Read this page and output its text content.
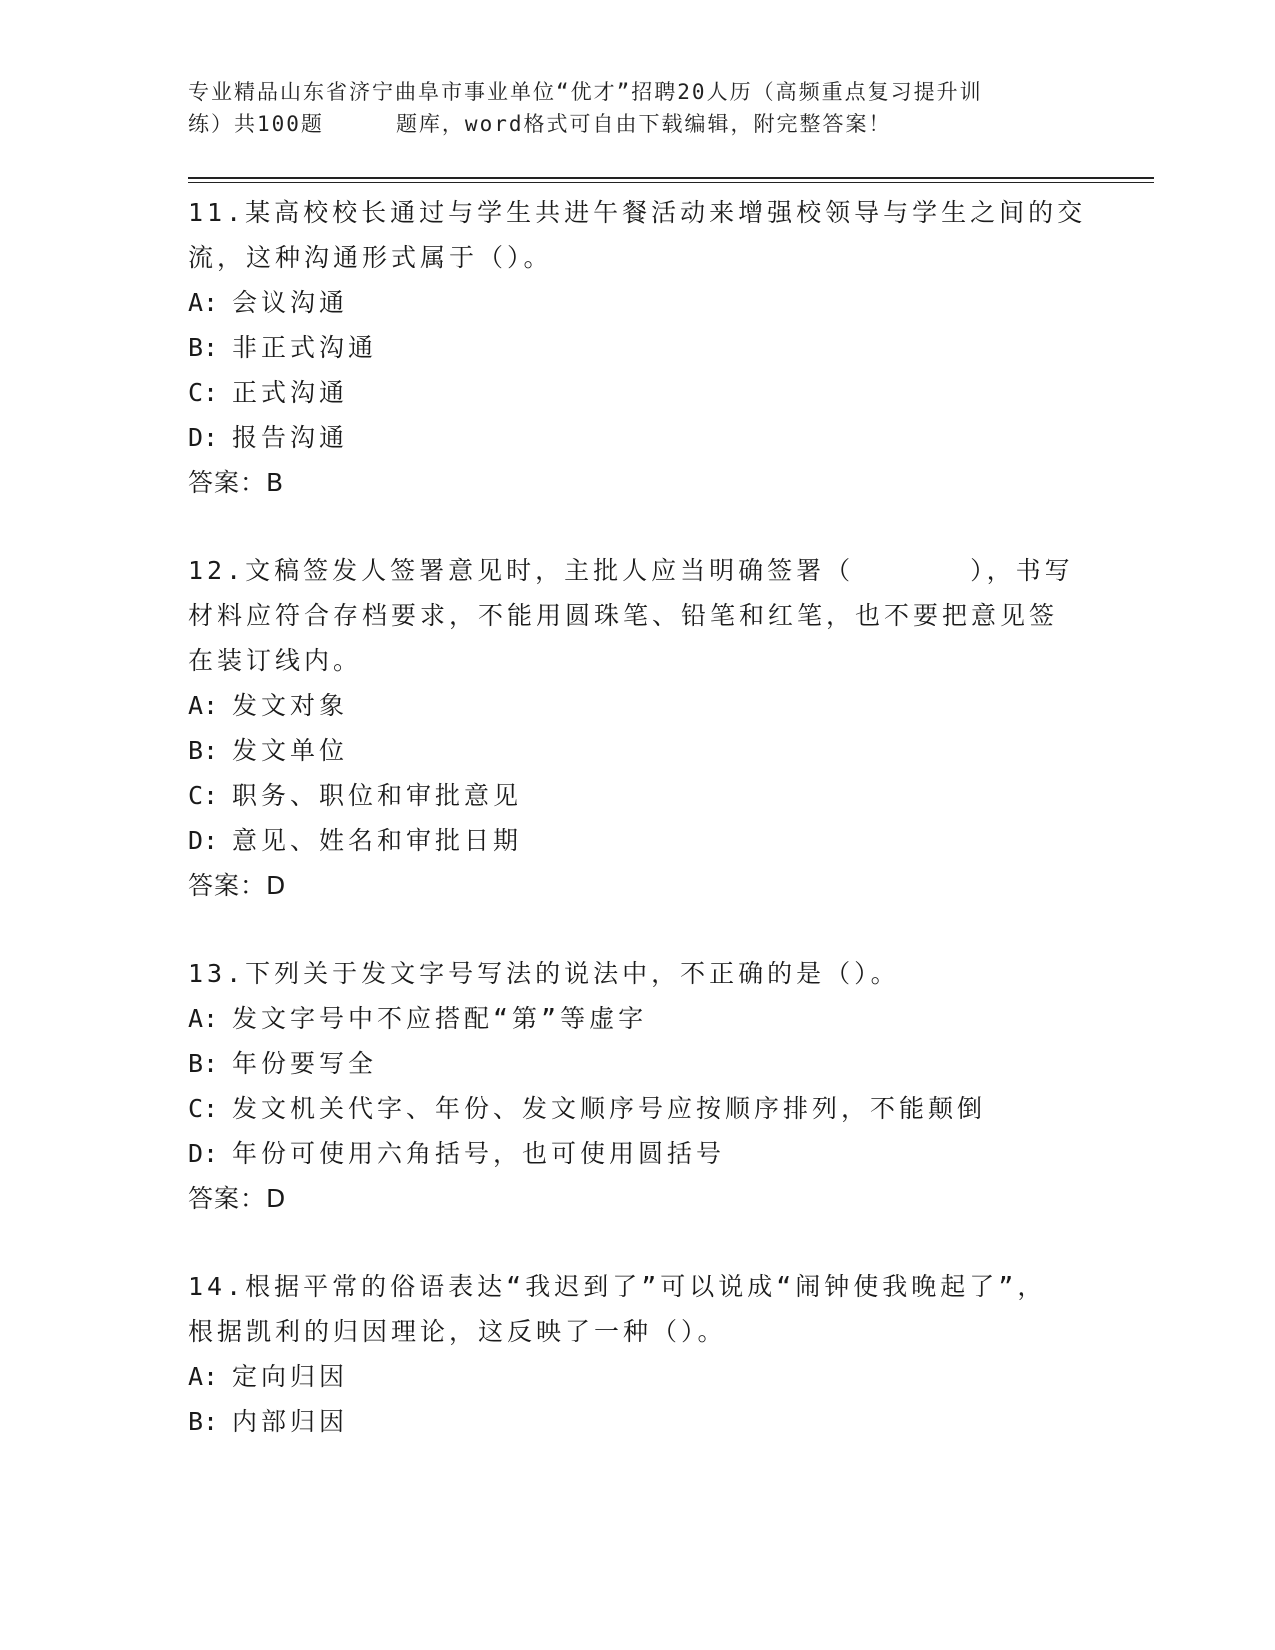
专业精品山东省济宁曲阜市事业单位“优才”招聘20人历（高频重点复习提升训
练）共100题	题库，word格式可自由下载编辑，附完整答案！

11.某高校校长通过与学生共进午餐活动来增强校领导与学生之间的交

流，这种沟通形式属于（）。

A: 会议沟通

B: 非正式沟通

C: 正式沟通

D: 报告沟通

答案：B

12.文稿签发人签署意见时，主批人应当明确签署（　　　　），书写

材料应符合存档要求，不能用圆珠笔、铅笔和红笔，也不要把意见签

在装订线内。

A: 发文对象

B: 发文单位

C: 职务、职位和审批意见

D: 意见、姓名和审批日期

答案：D

13.下列关于发文字号写法的说法中，不正确的是（）。

A: 发文字号中不应搭配“第”等虚字

B: 年份要写全

C: 发文机关代字、年份、发文顺序号应按顺序排列，不能颠倒

D: 年份可使用六角括号，也可使用圆括号

答案：D

14.根据平常的俗语表达“我迟到了”可以说成“闹钟使我晚起了”，

根据凯利的归因理论，这反映了一种（）。

A: 定向归因

B: 内部归因
